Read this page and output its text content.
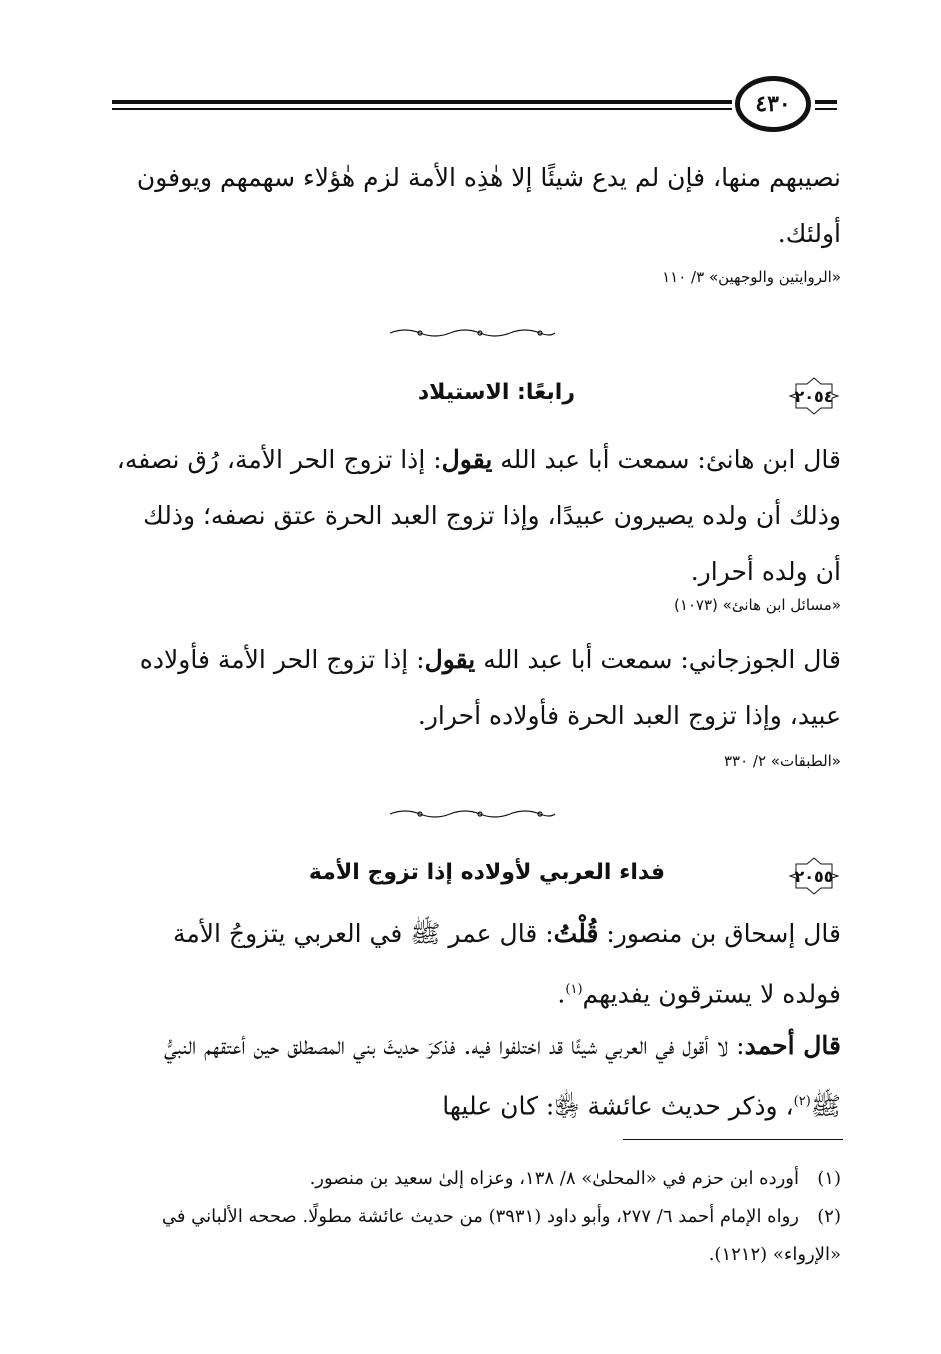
٤٣٠
نصيبهم منها، فإن لم يدع شيئًا إلا هٰذِه الأمة لزم هٰؤلاء سهمهم ويوفون أولئك.
«الروايتين والوجهين» ٣/ ١١٠
٢٠٥٤
رابعًا: الاستيلاد
قال ابن هانئ: سمعت أبا عبد الله يقول: إذا تزوج الحر الأمة، رُق نصفه، وذلك أن ولده يصيرون عبيدًا، وإذا تزوج العبد الحرة عتق نصفه؛ وذلك أن ولده أحرار.
«مسائل ابن هانئ» (١٠٧٣)
قال الجوزجاني: سمعت أبا عبد الله يقول: إذا تزوج الحر الأمة فأولاده عبيد، وإذا تزوج العبد الحرة فأولاده أحرار.
«الطبقات» ٢/ ٣٣٠
٢٠٥٥
فداء العربي لأولاده إذا تزوج الأمة
قال إسحاق بن منصور: قُلْتُ: قال عمر ﷺ في العربي يتزوجُ الأمة فولده لا يسترقون يفديهم$^{(١)}$.
قال أحمد: لا أقول في العربي شيئًا قد اختلفوا فيه. فذكرَ حديثَ بني المصطلق حين أعتقهم النبيُّ ﷺ$^{(٢)}$، وذكر حديث عائشة ﵂: كان عليها
(١)أورده ابن حزم في «المحلىٰ» ٨/ ١٣٨، وعزاه إلىٰ سعيد بن منصور.
(٢)رواه الإمام أحمد ٦/ ٢٧٧، وأبو داود (٣٩٣١) من حديث عائشة مطولًا. صححه الألباني في «الإرواء» (١٢١٢).
